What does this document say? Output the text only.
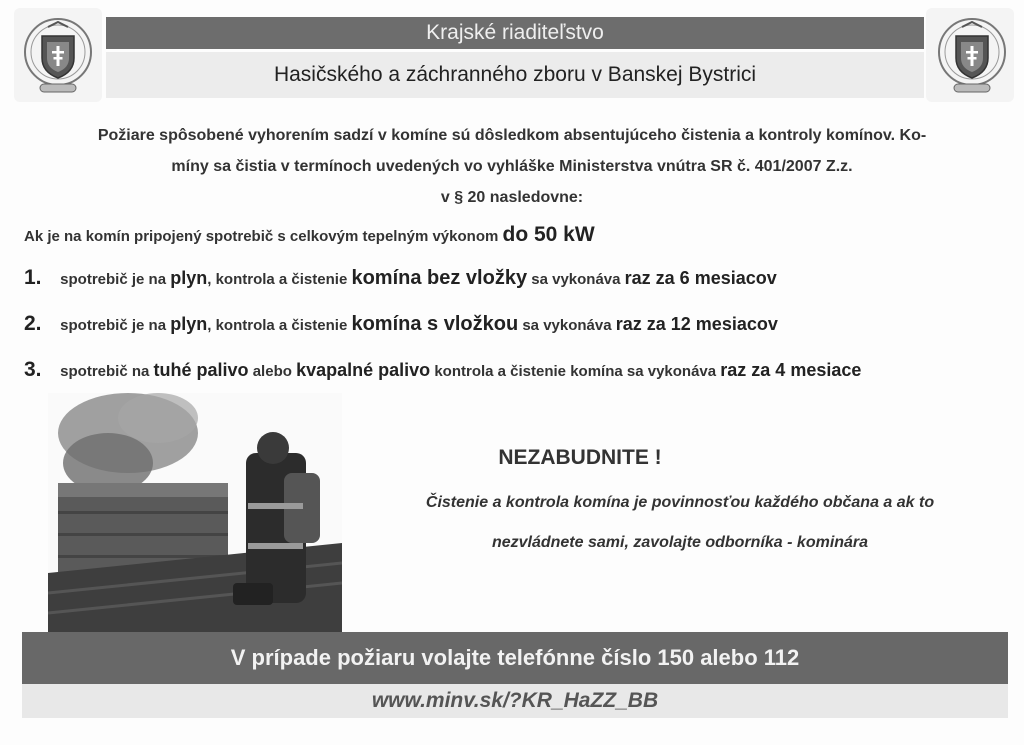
Krajské riaditeľstvo
Hasičského a záchranného zboru v Banskej Bystrici
Požiare spôsobené vyhorením sadzí v komíne sú dôsledkom absentujúceho čistenia a kontroly komínov. Ko-
míny sa čistia v termínoch uvedených vo vyhláške Ministerstva vnútra SR č. 401/2007 Z.z.
v § 20 nasledovne:
Ak je na komín pripojený spotrebič s celkovým tepelným výkonom do 50 kW
1. spotrebič je na plyn, kontrola a čistenie komína bez vložky sa vykonáva raz za 6 mesiacov
2. spotrebič je na plyn, kontrola a čistenie komína s vložkou sa vykonáva raz za 12 mesiacov
3. spotrebič na tuhé palivo alebo kvapalné palivo kontrola a čistenie komína sa vykonáva raz za 4 mesiace
NEZABUDNITE !
Čistenie a kontrola komína je povinnosťou každého občana a ak to
nezvládnete sami, zavolajte odborníka - kominára
V prípade požiaru volajte telefónne číslo 150 alebo 112
www.minv.sk/?KR_HaZZ_BB
